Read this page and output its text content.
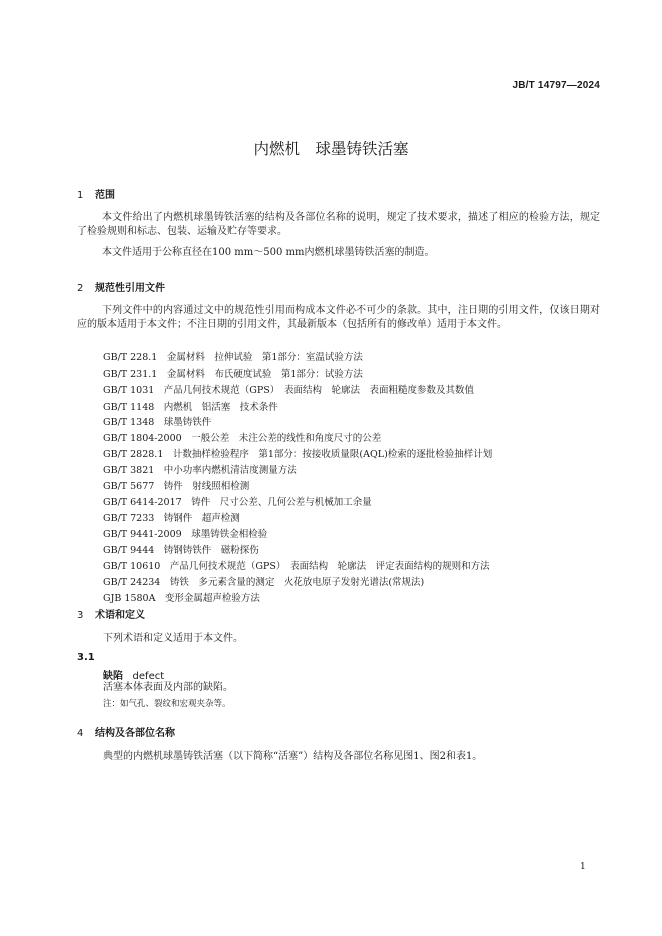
JB/T 14797—2024
内燃机　球墨铸铁活塞
1 范围
本文件给出了内燃机球墨铸铁活塞的结构及各部位名称的说明，规定了技术要求，描述了相应的检验方法，规定了检验规则和标志、包装、运输及贮存等要求。
本文件适用于公称直径在100 mm～500 mm内燃机球墨铸铁活塞的制造。
2 规范性引用文件
下列文件中的内容通过文中的规范性引用而构成本文件必不可少的条款。其中，注日期的引用文件，仅该日期对应的版本适用于本文件；不注日期的引用文件，其最新版本（包括所有的修改单）适用于本文件。
GB/T 228.1　金属材料　拉伸试验　第1部分：室温试验方法
GB/T 231.1　金属材料　布氏硬度试验　第1部分：试验方法
GB/T 1031　产品几何技术规范（GPS）　表面结构　轮廓法　表面粗糙度参数及其数值
GB/T 1148　内燃机　铝活塞　技术条件
GB/T 1348　球墨铸铁件
GB/T 1804-2000　一般公差　未注公差的线性和角度尺寸的公差
GB/T 2828.1　计数抽样检验程序　第1部分：按接收质量限(AQL)检索的逐批检验抽样计划
GB/T 3821　中小功率内燃机清洁度测量方法
GB/T 5677　铸件　射线照相检测
GB/T 6414-2017　铸件　尺寸公差、几何公差与机械加工余量
GB/T 7233　铸钢件　超声检测
GB/T 9441-2009　球墨铸铁金相检验
GB/T 9444　铸钢铸铁件　磁粉探伤
GB/T 10610　产品几何技术规范（GPS）　表面结构　轮廓法　评定表面结构的规则和方法
GB/T 24234　铸铁　多元素含量的测定　火花放电原子发射光谱法(常规法)
GJB 1580A　变形金属超声检验方法
3 术语和定义
下列术语和定义适用于本文件。
3.1
缺陷 defect
活塞本体表面及内部的缺陷。
注：如气孔、裂纹和宏观夹杂等。
4 结构及各部位名称
典型的内燃机球墨铸铁活塞（以下简称“活塞”）结构及各部位名称见图1、图2和表1。
1
